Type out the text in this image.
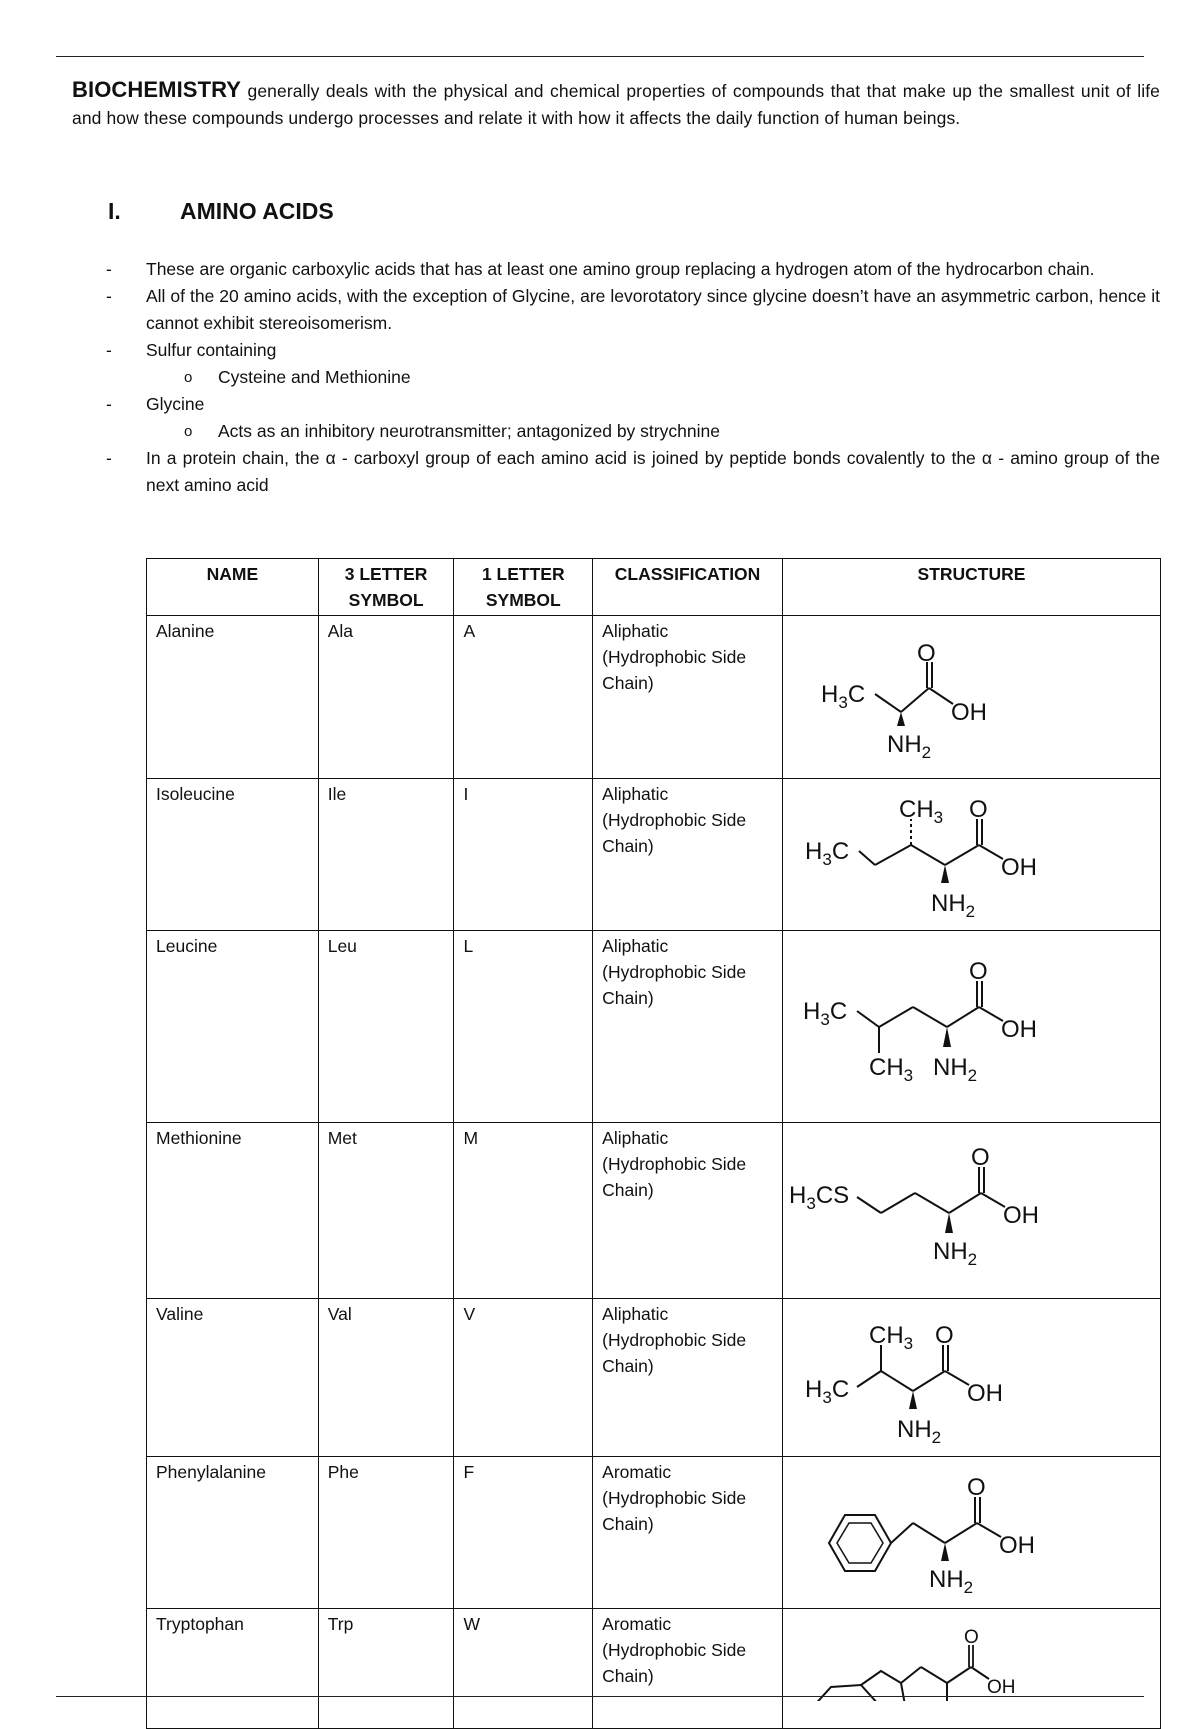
BIOCHEMISTRY generally deals with the physical and chemical properties of compounds that that make up the smallest unit of life and how these compounds undergo processes and relate it with how it affects the daily function of human beings.

I.	AMINO ACIDS
- These are organic carboxylic acids that has at least one amino group replacing a hydrogen atom of the hydrocarbon chain.
- All of the 20 amino acids, with the exception of Glycine, are levorotatory since glycine doesn’t have an asymmetric carbon, hence it cannot exhibit stereoisomerism.
- Sulfur containing
o Cysteine and Methionine
- Glycine
o Acts as an inhibitory neurotransmitter; antagonized by strychnine
- In a protein chain, the α - carboxyl group of each amino acid is joined by peptide bonds covalently to the α - amino group of the next amino acid
NAME	3 LETTER SYMBOL	1 LETTER SYMBOL	CLASSIFICATION	STRUCTURE
Alanine	Ala	A	Aliphatic (Hydrophobic Side Chain)	$H_3C$
O
OH
$NH_2$

Isoleucine	Ile	I	Aliphatic (Hydrophobic Side Chain)	$H_3C$
$CH_3$ O
OH
$NH_2$

Leucine	Leu	L	Aliphatic (Hydrophobic Side Chain)	$H_3C$
$CH_3$
O
OH
$NH_2$

Methionine	Met	M	Aliphatic (Hydrophobic Side Chain)	$H_3CS$
O
OH
$NH_2$

Valine	Val	V	Aliphatic (Hydrophobic Side Chain)	$H_3C$
$CH_3$ O
OH
$NH_2$

Phenylalanine	Phe	F	Aromatic (Hydrophobic Side Chain)	O
OH
$NH_2$

Tryptophan	Trp	W	Aromatic (Hydrophobic Side Chain)	O
OH
